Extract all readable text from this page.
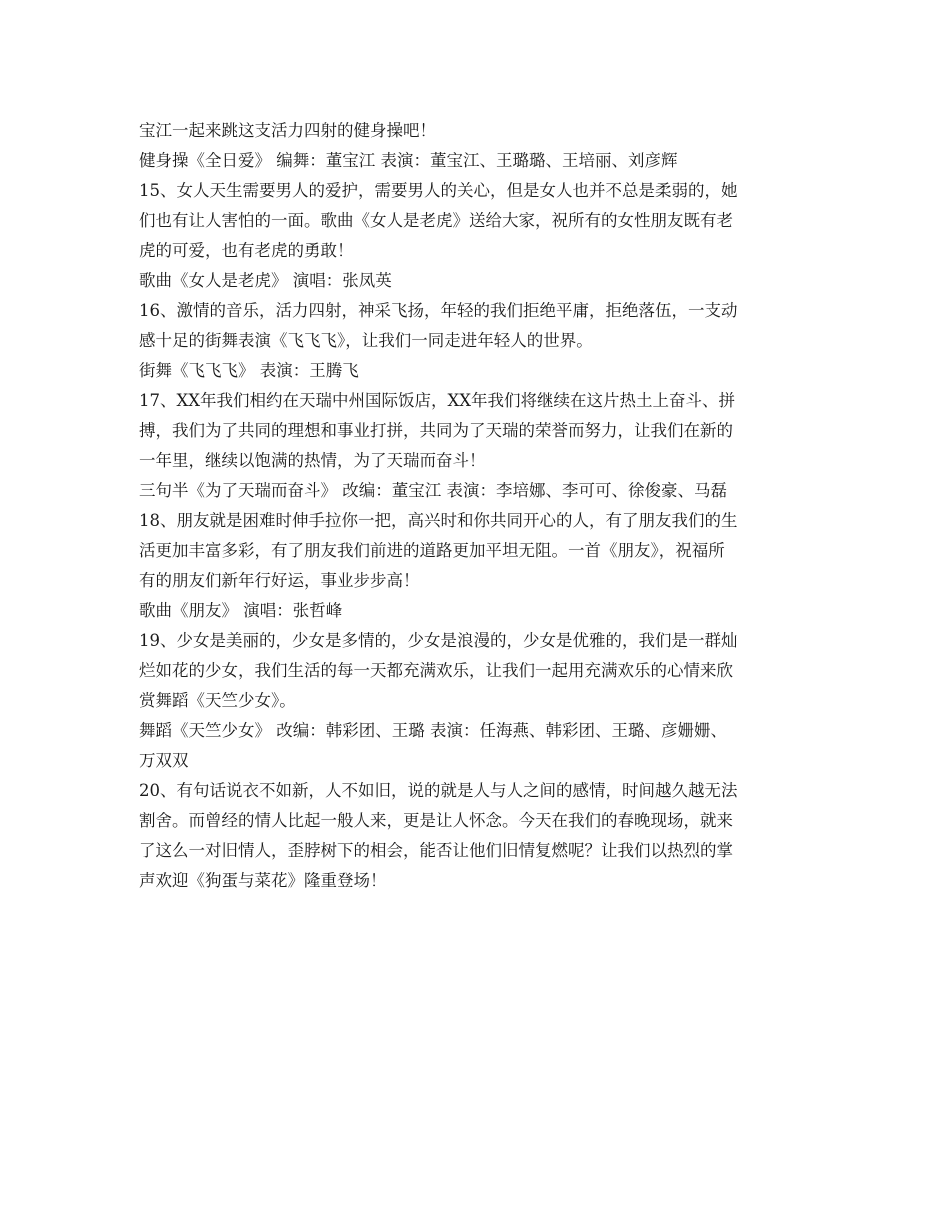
宝江一起来跳这支活力四射的健身操吧！
健身操《全日爱》 编舞：董宝江 表演：董宝江、王璐璐、王培丽、刘彦辉
15、女人天生需要男人的爱护，需要男人的关心，但是女人也并不总是柔弱的，她
们也有让人害怕的一面。歌曲《女人是老虎》送给大家，祝所有的女性朋友既有老
虎的可爱，也有老虎的勇敢！
歌曲《女人是老虎》 演唱：张凤英
16、激情的音乐，活力四射，神采飞扬，年轻的我们拒绝平庸，拒绝落伍，一支动
感十足的街舞表演《飞飞飞》，让我们一同走进年轻人的世界。
街舞《飞飞飞》 表演：王腾飞
17、XX年我们相约在天瑞中州国际饭店，XX年我们将继续在这片热土上奋斗、拼
搏，我们为了共同的理想和事业打拼，共同为了天瑞的荣誉而努力，让我们在新的
一年里，继续以饱满的热情，为了天瑞而奋斗！
三句半《为了天瑞而奋斗》 改编：董宝江 表演：李培娜、李可可、徐俊豪、马磊
18、朋友就是困难时伸手拉你一把，高兴时和你共同开心的人，有了朋友我们的生
活更加丰富多彩，有了朋友我们前进的道路更加平坦无阻。一首《朋友》，祝福所
有的朋友们新年行好运，事业步步高！
歌曲《朋友》 演唱：张哲峰
19、少女是美丽的，少女是多情的，少女是浪漫的，少女是优雅的，我们是一群灿
烂如花的少女，我们生活的每一天都充满欢乐，让我们一起用充满欢乐的心情来欣
赏舞蹈《天竺少女》。
舞蹈《天竺少女》 改编：韩彩团、王璐 表演：任海燕、韩彩团、王璐、彦姗姗、
万双双
20、有句话说衣不如新，人不如旧，说的就是人与人之间的感情，时间越久越无法
割舍。而曾经的情人比起一般人来，更是让人怀念。今天在我们的春晚现场，就来
了这么一对旧情人，歪脖树下的相会，能否让他们旧情复燃呢？让我们以热烈的掌
声欢迎《狗蛋与菜花》隆重登场！
